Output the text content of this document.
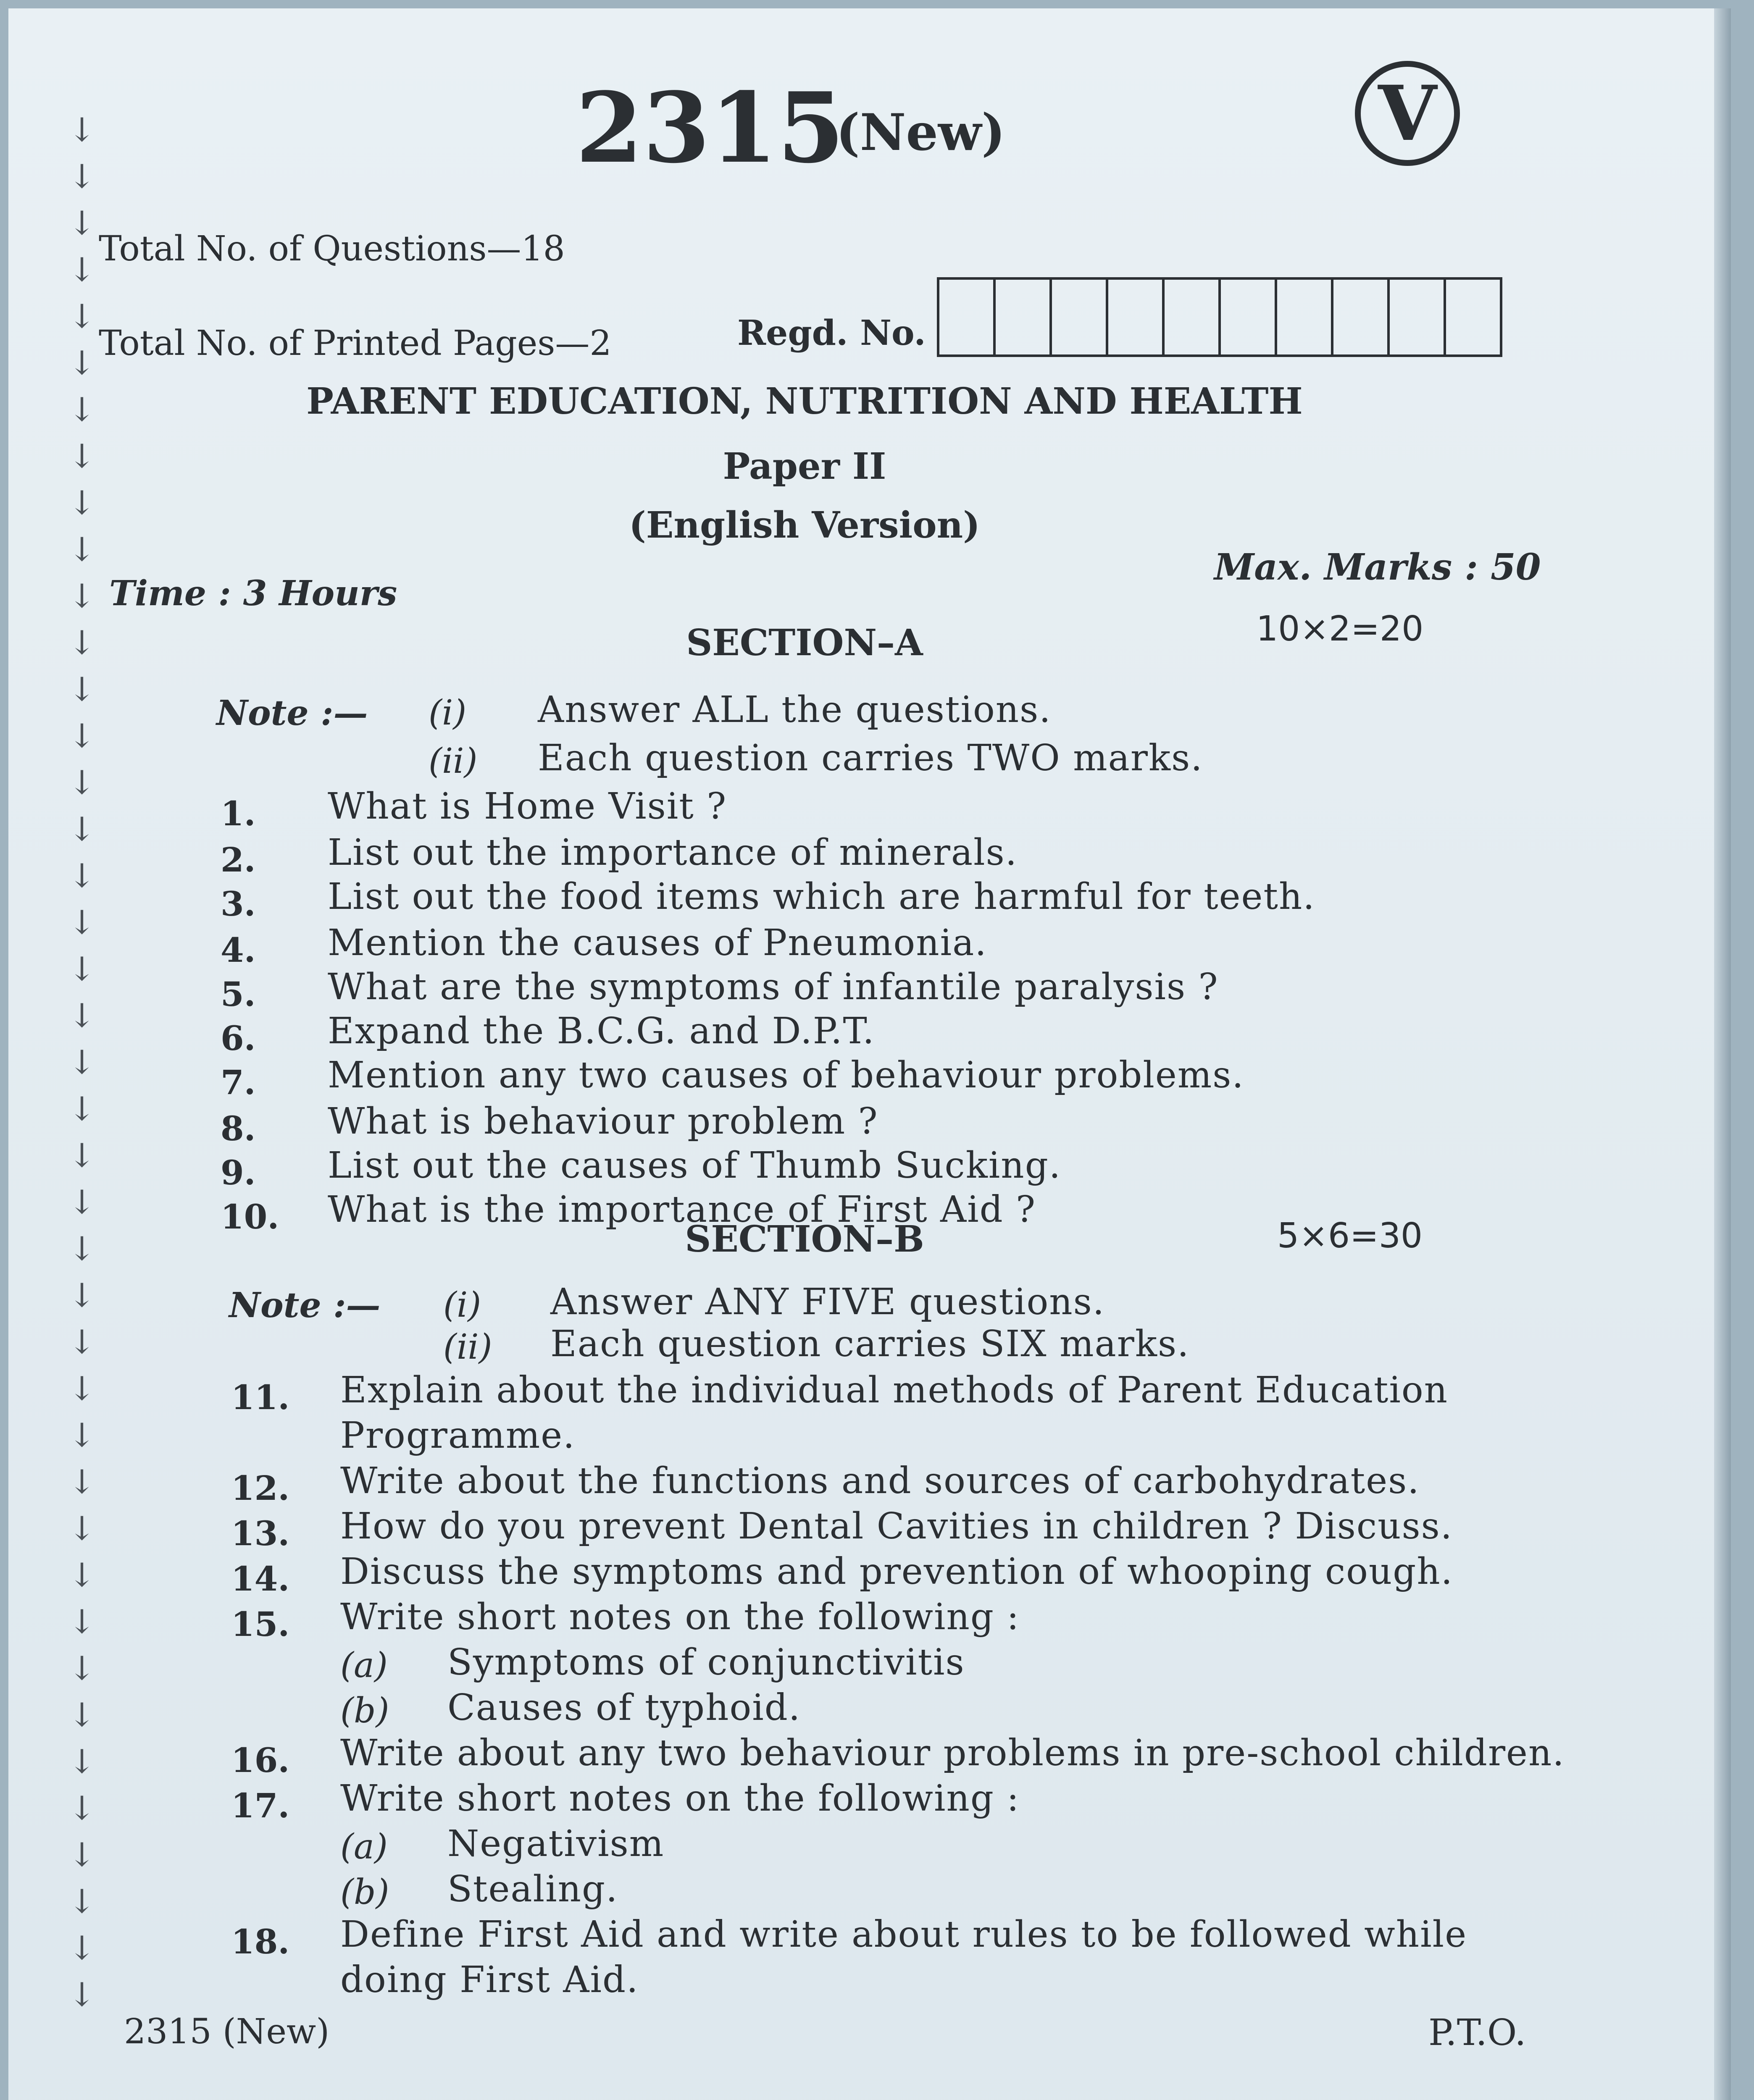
↓
↓
↓
↓
↓
↓
↓
↓
↓
↓
↓
↓
↓
↓
↓
↓
↓
↓
↓
↓
↓
↓
↓
↓
↓
↓
↓
↓
↓
↓
↓
↓
↓
↓
↓
↓
↓
↓
↓
↓
↓
2315
(New)	V
Total No. of Questions—18
Total No. of Printed Pages—2	Regd. No.
PARENT EDUCATION, NUTRITION AND HEALTH
Paper II
(English Version)
Time : 3 Hours
Max. Marks : 50
SECTION–A	10×2=20
Note :— (i) Answer ALL the questions.
(ii) Each question carries TWO marks.
1. What is Home Visit ?
2. List out the importance of minerals.
3. List out the food items which are harmful for teeth.
4. Mention the causes of Pneumonia.
5. What are the symptoms of infantile paralysis ?
6. Expand the B.C.G. and D.P.T.
7. Mention any two causes of behaviour problems.
8. What is behaviour problem ?
9. List out the causes of Thumb Sucking.
10. What is the importance of First Aid ?
SECTION–B	5×6=30
Note :— (i) Answer ANY FIVE questions.
(ii) Each question carries SIX marks.
11. Explain about the individual methods of Parent Education
Programme.
12. Write about the functions and sources of carbohydrates.
13. How do you prevent Dental Cavities in children ? Discuss.
14. Discuss the symptoms and prevention of whooping cough.
15. Write short notes on the following :
(a) Symptoms of conjunctivitis
(b) Causes of typhoid.
16. Write about any two behaviour problems in pre-school children.
17. Write short notes on the following :
(a) Negativism
(b) Stealing.
18. Define First Aid and write about rules to be followed while
doing First Aid.
2315 (New)	P.T.O.
